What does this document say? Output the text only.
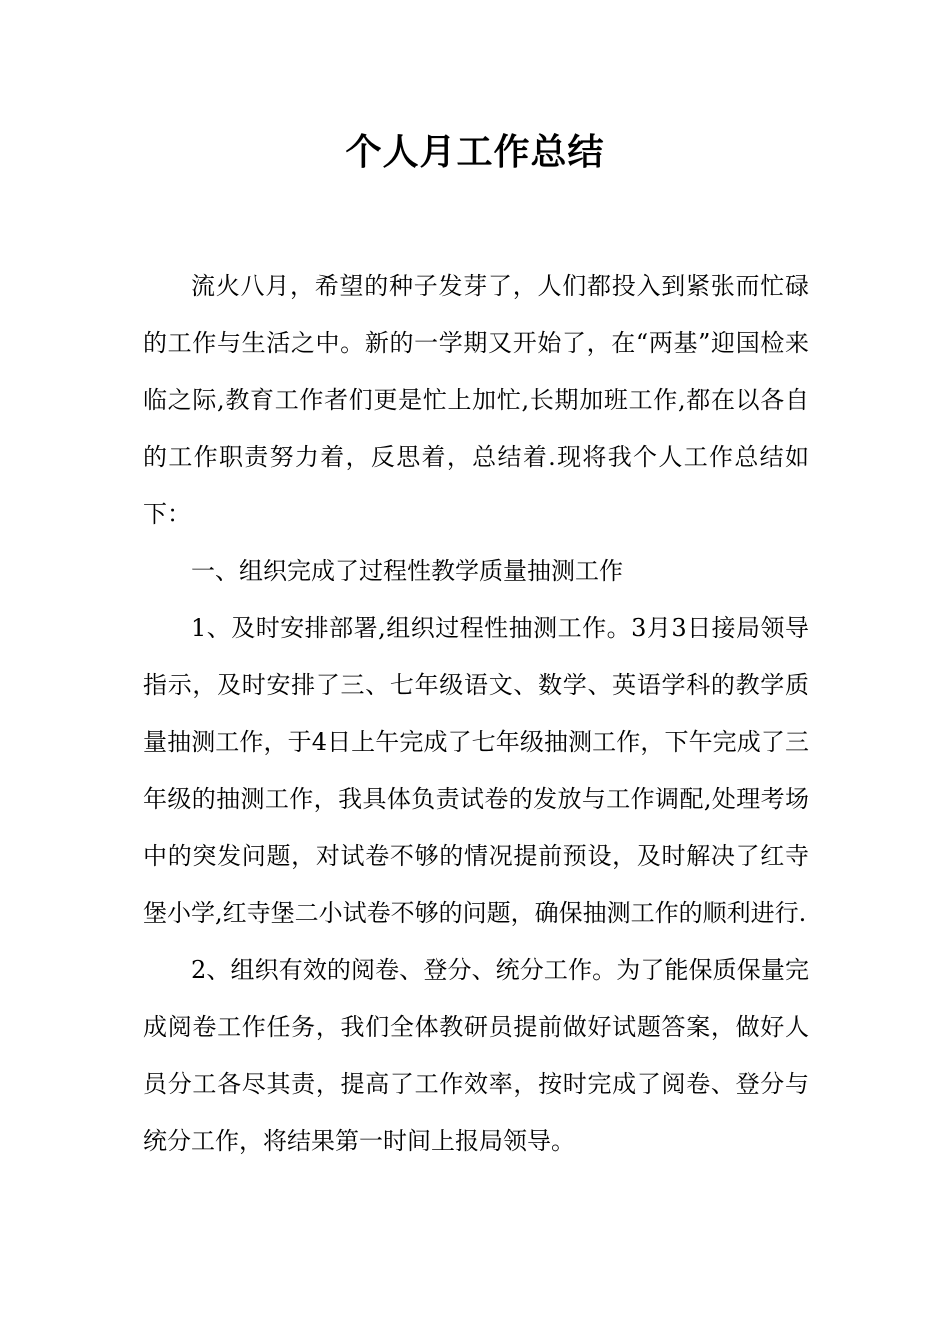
个人月工作总结

流火八月，希望的种子发芽了，人们都投入到紧张而忙碌的工作与生活之中。新的一学期又开始了，在“两基”迎国检来临之际,教育工作者们更是忙上加忙,长期加班工作,都在以各自的工作职责努力着，反思着，总结着.现将我个人工作总结如下：

一、组织完成了过程性教学质量抽测工作

1、及时安排部署,组织过程性抽测工作。3月3日接局领导指示，及时安排了三、七年级语文、数学、英语学科的教学质量抽测工作，于4日上午完成了七年级抽测工作，下午完成了三年级的抽测工作，我具体负责试卷的发放与工作调配,处理考场中的突发问题，对试卷不够的情况提前预设，及时解决了红寺堡小学,红寺堡二小试卷不够的问题，确保抽测工作的顺利进行.

2、组织有效的阅卷、登分、统分工作。为了能保质保量完成阅卷工作任务，我们全体教研员提前做好试题答案，做好人员分工各尽其责，提高了工作效率，按时完成了阅卷、登分与统分工作，将结果第一时间上报局领导。
